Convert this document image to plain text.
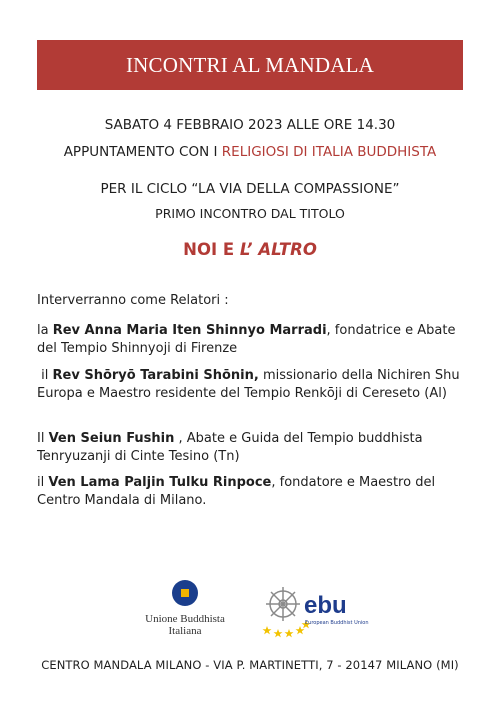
INCONTRI AL MANDALA
SABATO 4 FEBBRAIO 2023 ALLE ORE 14.30
APPUNTAMENTO CON I RELIGIOSI DI ITALIA BUDDHISTA
PER IL CICLO “LA VIA DELLA COMPASSIONE”
PRIMO INCONTRO DAL TITOLO
NOI E L’ ALTRO
Interverranno come Relatori :
la Rev Anna Maria Iten Shinnyo Marradi, fondatrice e Abate del Tempio Shinnyoji di Firenze
il Rev Shōryō Tarabini Shōnin, missionario della Nichiren Shu Europa e Maestro residente del Tempio Renkōji di Cereseto (Al)
Il Ven Seiun Fushin , Abate e Guida del Tempio buddhista Tenryuzanji di Cinte Tesino (Tn)
il Ven Lama Paljin Tulku Rinpoce, fondatore e Maestro del Centro Mandala di Milano.
Unione Buddhista
Italiana
ebu
European Buddhist Union
CENTRO MANDALA MILANO - VIA P. MARTINETTI, 7 - 20147 MILANO (MI)
